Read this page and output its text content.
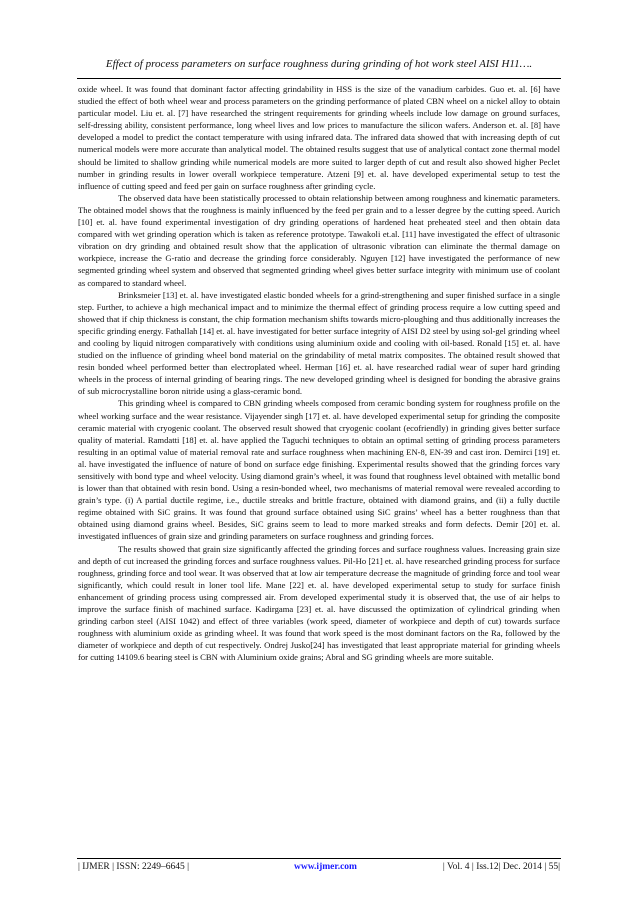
Effect of process parameters on surface roughness during grinding of hot work steel AISI H11….

oxide wheel. It was found that dominant factor affecting grindability in HSS is the size of the vanadium carbides. Guo et. al. [6] have studied the effect of both wheel wear and process parameters on the grinding performance of plated CBN wheel on a nickel alloy to obtain particular model. Liu et. al. [7] have researched the stringent requirements for grinding wheels include low damage on ground surfaces, self-dressing ability, consistent performance, long wheel lives and low prices to manufacture the silicon wafers. Anderson et. al. [8] have developed a model to predict the contact temperature with using infrared data. The infrared data showed that with increasing depth of cut numerical models were more accurate than analytical model. The obtained results suggest that use of analytical contact zone thermal model should be limited to shallow grinding while numerical models are more suited to larger depth of cut and result also showed higher Peclet number in grinding results in lower overall workpiece temperature. Atzeni [9] et. al. have developed experimental setup to test the influence of cutting speed and feed per gain on surface roughness after grinding cycle.

The observed data have been statistically processed to obtain relationship between among roughness and kinematic parameters. The obtained model shows that the roughness is mainly influenced by the feed per grain and to a lesser degree by the cutting speed. Aurich [10] et. al. have found experimental investigation of dry grinding operations of hardened heat preheated steel and then obtain data compared with wet grinding operation which is taken as reference prototype. Tawakoli et.al. [11] have investigated the effect of ultrasonic vibration on dry grinding and obtained result show that the application of ultrasonic vibration can eliminate the thermal damage on workpiece, increase the G-ratio and decrease the grinding force considerably. Nguyen [12] have investigated the performance of new segmented grinding wheel system and observed that segmented grinding wheel gives better surface integrity with minimum use of coolant as compared to standard wheel.

Brinksmeier [13] et. al. have investigated elastic bonded wheels for a grind-strengthening and super finished surface in a single step. Further, to achieve a high mechanical impact and to minimize the thermal effect of grinding process require a low cutting speed and showed that if chip thickness is constant, the chip formation mechanism shifts towards micro-ploughing and thus additionally increases the specific grinding energy. Fathallah [14] et. al. have investigated for better surface integrity of AISI D2 steel by using sol-gel grinding wheel and cooling by liquid nitrogen comparatively with conditions using aluminium oxide and cooling with oil-based. Ronald [15] et. al. have studied on the influence of grinding wheel bond material on the grindability of metal matrix composites. The obtained result showed that resin bonded wheel performed better than electroplated wheel. Herman [16] et. al. have researched radial wear of super hard grinding wheels in the process of internal grinding of bearing rings. The new developed grinding wheel is designed for bonding the abrasive grains of sub microcrystalline boron nitride using a glass-ceramic bond.

This grinding wheel is compared to CBN grinding wheels composed from ceramic bonding system for roughness profile on the wheel working surface and the wear resistance. Vijayender singh [17] et. al. have developed experimental setup for grinding the composite ceramic material with cryogenic coolant. The observed result showed that cryogenic coolant (ecofriendly) in grinding gives better surface quality of material. Ramdatti [18] et. al. have applied the Taguchi techniques to obtain an optimal setting of grinding process parameters resulting in an optimal value of material removal rate and surface roughness when machining EN-8, EN-39 and cast iron. Demirci [19] et. al. have investigated the influence of nature of bond on surface edge finishing. Experimental results showed that the grinding forces vary sensitively with bond type and wheel velocity. Using diamond grain’s wheel, it was found that roughness level obtained with metallic bond is lower than that obtained with resin bond. Using a resin-bonded wheel, two mechanisms of material removal were revealed according to grain’s type. (i) A partial ductile regime, i.e., ductile streaks and brittle fracture, obtained with diamond grains, and (ii) a fully ductile regime obtained with SiC grains. It was found that ground surface obtained using SiC grains’ wheel has a better roughness than that obtained using diamond grains wheel. Besides, SiC grains seem to lead to more marked streaks and form defects. Demir [20] et. al. investigated influences of grain size and grinding parameters on surface roughness and grinding forces.

The results showed that grain size significantly affected the grinding forces and surface roughness values. Increasing grain size and depth of cut increased the grinding forces and surface roughness values. Pil-Ho [21] et. al. have researched grinding process for surface roughness, grinding force and tool wear. It was observed that at low air temperature decrease the magnitude of grinding force and tool wear significantly, which could result in loner tool life. Mane [22] et. al. have developed experimental setup to study for surface finish enhancement of grinding process using compressed air. From developed experimental study it is observed that, the use of air helps to improve the surface finish of machined surface. Kadirgama [23] et. al. have discussed the optimization of cylindrical grinding when grinding carbon steel (AISI 1042) and effect of three variables (work speed, diameter of workpiece and depth of cut) towards surface roughness with aluminium oxide as grinding wheel. It was found that work speed is the most dominant factors on the Ra, followed by the diameter of workpiece and depth of cut respectively. Ondrej Jusko[24] has investigated that least appropriate material for grinding wheels for cutting 14109.6 bearing steel is CBN with Aluminium oxide grains; Abral and SG grinding wheels are more suitable.

| IJMER | ISSN: 2249–6645 |	www.ijmer.com	| Vol. 4 | Iss.12| Dec. 2014 | 55|
